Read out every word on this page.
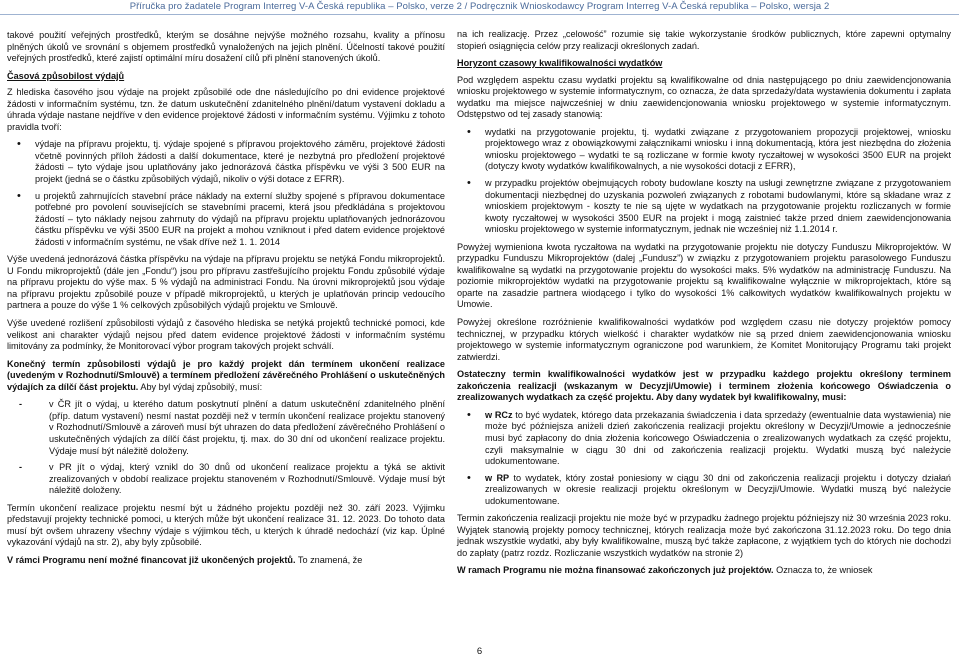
Příručka pro žadatele Program Interreg V-A Česká republika – Polsko, verze 2 / Podręcznik Wnioskodawcy Program Interreg V-A Česká republika – Polsko, wersja 2

takové použití veřejných prostředků, kterým se dosáhne nejvýše možného rozsahu, kvality a přínosu plněných úkolů ve srovnání s objemem prostředků vynaložených na jejich plnění. Účelností takové použití veřejných prostředků, které zajistí optimální míru dosažení cílů při plnění stanovených úkolů.

Časová způsobilost výdajů

Z hlediska časového jsou výdaje na projekt způsobilé ode dne následujícího po dni evidence projektové žádosti v informačním systému, tzn. že datum uskutečnění zdanitelného plnění/datum vystavení dokladu a úhrada výdaje nastane nejdříve v den evidence projektové žádosti v informačním systému. Výjimku z tohoto pravidla tvoří:

• výdaje na přípravu projektu, tj. výdaje spojené s přípravou projektového záměru, projektové žádosti včetně povinných příloh žádosti a další dokumentace, které je nezbytná pro předložení projektové žádosti – tyto výdaje jsou uplatňovány jako jednorázová částka příspěvku ve výši 3 500 EUR na projekt (jedná se o částku způsobilých výdajů, nikoliv o výši dotace z EFRR).
• u projektů zahrnujících stavební práce náklady na externí služby spojené s přípravou dokumentace potřebné pro povolení souvisejících se stavebními pracemi, která jsou předkládána s projektovou žádostí – tyto náklady nejsou zahrnuty do výdajů na přípravu projektu uplatňovaných jednorázovou částku příspěvku ve výši 3500 EUR na projekt a mohou vzniknout i před datem evidence projektové žádosti v informačním systému, ne však dříve než 1. 1. 2014

Výše uvedená jednorázová částka příspěvku na výdaje na přípravu projektu se netýká Fondu mikroprojektů. U Fondu mikroprojektů (dále jen „Fondu“) jsou pro přípravu zastřešujícího projektu Fondu způsobilé výdaje na přípravu projektu do výše max. 5 % výdajů na administraci Fondu. Na úrovni mikroprojektů jsou výdaje na přípravu projektu způsobilé pouze v případě mikroprojektů, u kterých je uplatňován princip vedoucího partnera a pouze do výše 1 % celkových způsobilých výdajů projektu ve Smlouvě.

Výše uvedené rozlišení způsobilosti výdajů z časového hlediska se netýká projektů technické pomoci, kde velikost ani charakter výdajů nejsou před datem evidence projektové žádosti v informačním systému limitovány za podmínky, že Monitorovací výbor program takových projekt schválí.

Konečný termín způsobilosti výdajů je pro každý projekt dán termínem ukončení realizace (uvedeným v Rozhodnutí/Smlouvě) a termínem předložení závěrečného Prohlášení o uskutečněných výdajích za dílčí část projektu. Aby byl výdaj způsobilý, musí:

- v ČR jít o výdaj, u kterého datum poskytnutí plnění a datum uskutečnění zdanitelného plnění (příp. datum vystavení) nesmí nastat později než v termín ukončení realizace projektu stanovený v Rozhodnutí/Smlouvě a zároveň musí být uhrazen do data předložení závěrečného Prohlášení o uskutečněných výdajích za dílčí část projektu, tj. max. do 30 dní od ukončení realizace projektu. Výdaje musí být náležitě doloženy.
- v PR jít o výdaj, který vznikl do 30 dnů od ukončení realizace projektu a týká se aktivit zrealizovaných v období realizace projektu stanoveném v Rozhodnutí/Smlouvě. Výdaje musí být náležitě doloženy.

Termín ukončení realizace projektu nesmí být u žádného projektu později než 30. září 2023. Výjimku představují projekty technické pomoci, u kterých může být ukončení realizace 31. 12. 2023. Do tohoto data musí být ovšem uhrazeny všechny výdaje s výjimkou těch, u kterých k úhradě nedochází (viz kap. Úplné vykazování výdajů na str. 2), aby byly způsobilé.

V rámci Programu není možné financovat již ukončených projektů. To znamená, že

na ich realizację. Przez „celowość” rozumie się takie wykorzystanie środków publicznych, które zapewni optymalny stopień osiągnięcia celów przy realizacji określonych zadań.

Horyzont czasowy kwalifikowalności wydatków

Pod względem aspektu czasu wydatki projektu są kwalifikowalne od dnia następującego po dniu zaewidencjonowania wniosku projektowego w systemie informatycznym, co oznacza, że data sprzedaży/data wystawienia dokumentu i zapłata wydatku ma miejsce najwcześniej w dniu zaewidencjonowania wniosku projektowego w systemie informatycznym. Odstępstwo od tej zasady stanowią:

• wydatki na przygotowanie projektu, tj. wydatki związane z przygotowaniem propozycji projektowej, wniosku projektowego wraz z obowiązkowymi załącznikami wniosku i inną dokumentacją, która jest niezbędna do złożenia wniosku projektowego – wydatki te są rozliczane w formie kwoty ryczałtowej w wysokości 3500 EUR na projekt (dotyczy kwoty wydatków kwalifikowalnych, a nie wysokości dotacji z EFRR),
• w przypadku projektów obejmujących roboty budowlane koszty na usługi zewnętrzne związane z przygotowaniem dokumentacji niezbędnej do uzyskania pozwoleń związanych z robotami budowlanymi, które są składane wraz z wnioskiem projektowym - koszty te nie są ujęte w wydatkach na przygotowanie projektu rozliczanych w formie kwoty ryczałtowej w wysokości 3500 EUR na projekt i mogą zaistnieć także przed dniem zaewidencjonowania wniosku projektowego w systemie informatycznym, jednak nie wcześniej niż 1.1.2014 r.

Powyżej wymieniona kwota ryczałtowa na wydatki na przygotowanie projektu nie dotyczy Funduszu Mikroprojektów. W przypadku Funduszu Mikroprojektów (dalej „Fundusz”) w związku z przygotowaniem projektu parasolowego Funduszu kwalifikowalne są wydatki na przygotowanie projektu do wysokości maks. 5% wydatków na administrację Funduszu. Na poziomie mikroprojektów wydatki na przygotowanie projektu są kwalifikowalne wyłącznie w mikroprojektach, które są oparte na zasadzie partnera wiodącego i tylko do wysokości 1% całkowitych wydatków kwalifikowalnych projektu w Umowie.

Powyżej określone rozróżnienie kwalifikowalności wydatków pod względem czasu nie dotyczy projektów pomocy technicznej, w przypadku których wielkość i charakter wydatków nie są przed dniem zaewidencjonowania wniosku projektowego w systemie informatycznym ograniczone pod warunkiem, że Komitet Monitorujący Programu taki projekt zatwierdzi.

Ostateczny termin kwalifikowalności wydatków jest w przypadku każdego projektu określony terminem zakończenia realizacji (wskazanym w Decyzji/Umowie) i terminem złożenia końcowego Oświadczenia o zrealizowanych wydatkach za część projektu. Aby dany wydatek był kwalifikowalny, musi:

• w RCz to być wydatek, którego data przekazania świadczenia i data sprzedaży (ewentualnie data wystawienia) nie może być późniejsza aniżeli dzień zakończenia realizacji projektu określony w Decyzji/Umowie a jednocześnie musi być zapłacony do dnia złożenia końcowego Oświadczenia o zrealizowanych wydatkach za część projektu, czyli maksymalnie w ciągu 30 dni od zakończenia realizacji projektu. Wydatki muszą być należycie udokumentowane.
• w RP to wydatek, który został poniesiony w ciągu 30 dni od zakończenia realizacji projektu i dotyczy działań zrealizowanych w okresie realizacji projektu określonym w Decyzji/Umowie. Wydatki muszą być należycie udokumentowane.

Termin zakończenia realizacji projektu nie może być w przypadku żadnego projektu późniejszy niż 30 września 2023 roku. Wyjątek stanowią projekty pomocy technicznej, których realizacja może być zakończona 31.12.2023 roku. Do tego dnia jednak wszystkie wydatki, aby były kwalifikowalne, muszą być także zapłacone, z wyjątkiem tych do których nie dochodzi do zapłaty (patrz rozdz. Rozliczanie wszystkich wydatków na stronie 2)

W ramach Programu nie można finansować zakończonych już projektów. Oznacza to, że wniosek

6
